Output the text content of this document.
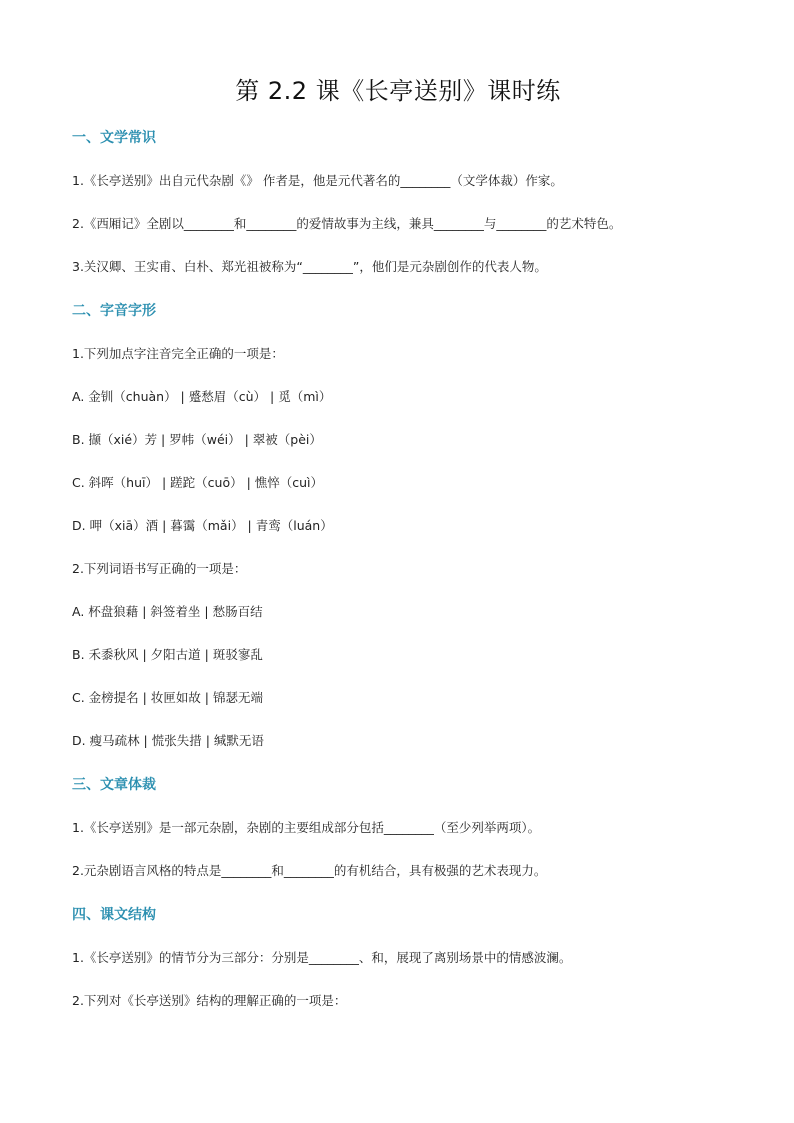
第 2.2 课《长亭送别》课时练
一、文学常识

1.《长亭送别》出自元代杂剧《》 作者是，他是元代著名的________（文学体裁）作家。

2.《西厢记》全剧以________和________的爱情故事为主线，兼具________与________的艺术特色。

3.关汉卿、王实甫、白朴、郑光祖被称为“________”，他们是元杂剧创作的代表人物。

二、字音字形

1.下列加点字注音完全正确的一项是：

A. 金钏（chuàn） | 蹙愁眉（cù） | 觅（mì）

B. 撷（xié）芳 | 罗帏（wéi） | 翠被（pèi）

C. 斜晖（huī） | 蹉跎（cuō） | 憔悴（cuì）

D. 呷（xiā）酒 | 暮霭（mǎi） | 青鸾（luán）

2.下列词语书写正确的一项是：

A. 杯盘狼藉 | 斜签着坐 | 愁肠百结

B. 禾黍秋风 | 夕阳古道 | 斑驳寥乱

C. 金榜提名 | 妆匣如故 | 锦瑟无端

D. 瘦马疏林 | 慌张失措 | 缄默无语

三、文章体裁

1.《长亭送别》是一部元杂剧，杂剧的主要组成部分包括________（至少列举两项）。

2.元杂剧语言风格的特点是________和________的有机结合，具有极强的艺术表现力。

四、课文结构

1.《长亭送别》的情节分为三部分：分别是________、和，展现了离别场景中的情感波澜。

2.下列对《长亭送别》结构的理解正确的一项是：
